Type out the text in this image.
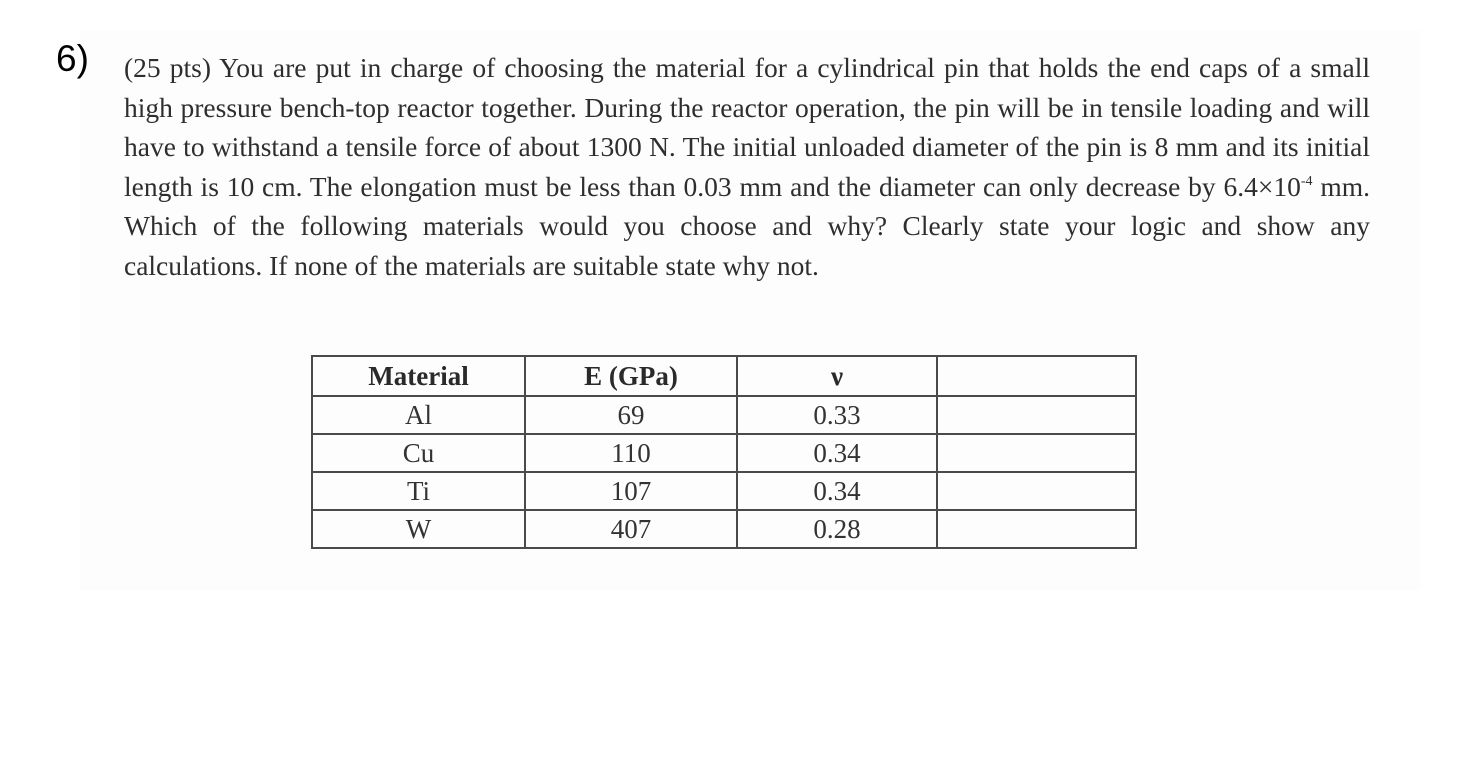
6) (25 pts) You are put in charge of choosing the material for a cylindrical pin that holds the end caps of a small high pressure bench-top reactor together. During the reactor operation, the pin will be in tensile loading and will have to withstand a tensile force of about 1300 N. The initial unloaded diameter of the pin is 8 mm and its initial length is 10 cm. The elongation must be less than 0.03 mm and the diameter can only decrease by $6.4\times 10^{-4}$ mm. Which of the following materials would you choose and why? Clearly state your logic and show any calculations. If none of the materials are suitable state why not.
Material	E (GPa)	ν	
Al	69	0.33	
Cu	110	0.34	
Ti	107	0.34	
W	407	0.28	
